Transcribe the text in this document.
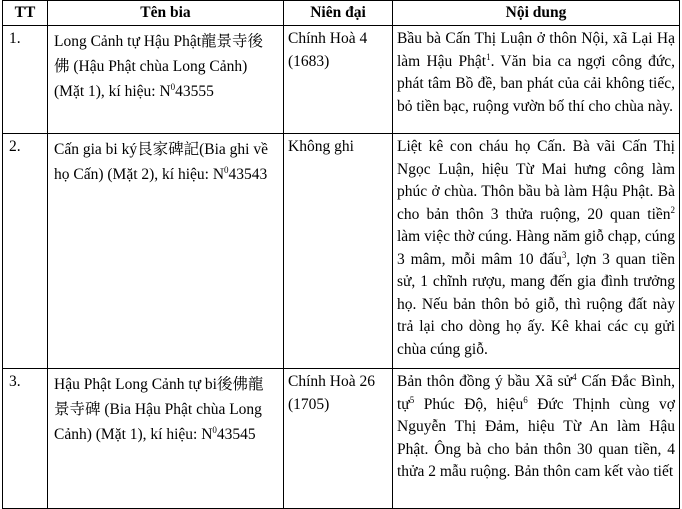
TT	Tên bia	Niên đại	Nội dung
1.	Long Cảnh tự Hậu Phật龍景寺後佛 (Hậu Phật chùa Long Cảnh) (Mặt 1), kí hiệu: $N^043555$	Chính Hoà 4 (1683)	Bầu bà Cấn Thị Luận ở thôn Nội, xã Lại Hạ làm Hậu Phật$^1$. Văn bia ca ngợi công đức, phát tâm Bồ đề, ban phát của cải không tiếc, bỏ tiền bạc, ruộng vườn bố thí cho chùa này.
2.	Cấn gia bi ký艮家碑記(Bia ghi về họ Cấn) (Mặt 2), kí hiệu: $N^043543$	Không ghi	Liệt kê con cháu họ Cấn. Bà vãi Cấn Thị Ngọc Luận, hiệu Từ Mai hưng công làm phúc ở chùa. Thôn bầu bà làm Hậu Phật. Bà cho bản thôn 3 thửa ruộng, 20 quan tiền$^2$ làm việc thờ cúng. Hàng năm giỗ chạp, cúng 3 mâm, mỗi mâm 10 đấu$^3$, lợn 3 quan tiền sử, 1 chĩnh rượu, mang đến gia đình trưởng họ. Nếu bản thôn bỏ giỗ, thì ruộng đất này trả lại cho dòng họ ấy. Kê khai các cụ gửi chùa cúng giỗ.
3.	Hậu Phật Long Cảnh tự bi後佛龍景寺碑 (Bia Hậu Phật chùa Long Cảnh) (Mặt 1), kí hiệu: $N^043545$	Chính Hoà 26 (1705)	Bản thôn đồng ý bầu Xã sử$^4$ Cấn Đắc Bình, tự$^5$ Phúc Độ, hiệu$^6$ Đức Thịnh cùng vợ Nguyễn Thị Đảm, hiệu Từ An làm Hậu Phật. Ông bà cho bản thôn 30 quan tiền, 4 thửa 2 mẫu ruộng. Bản thôn cam kết vào tiết
